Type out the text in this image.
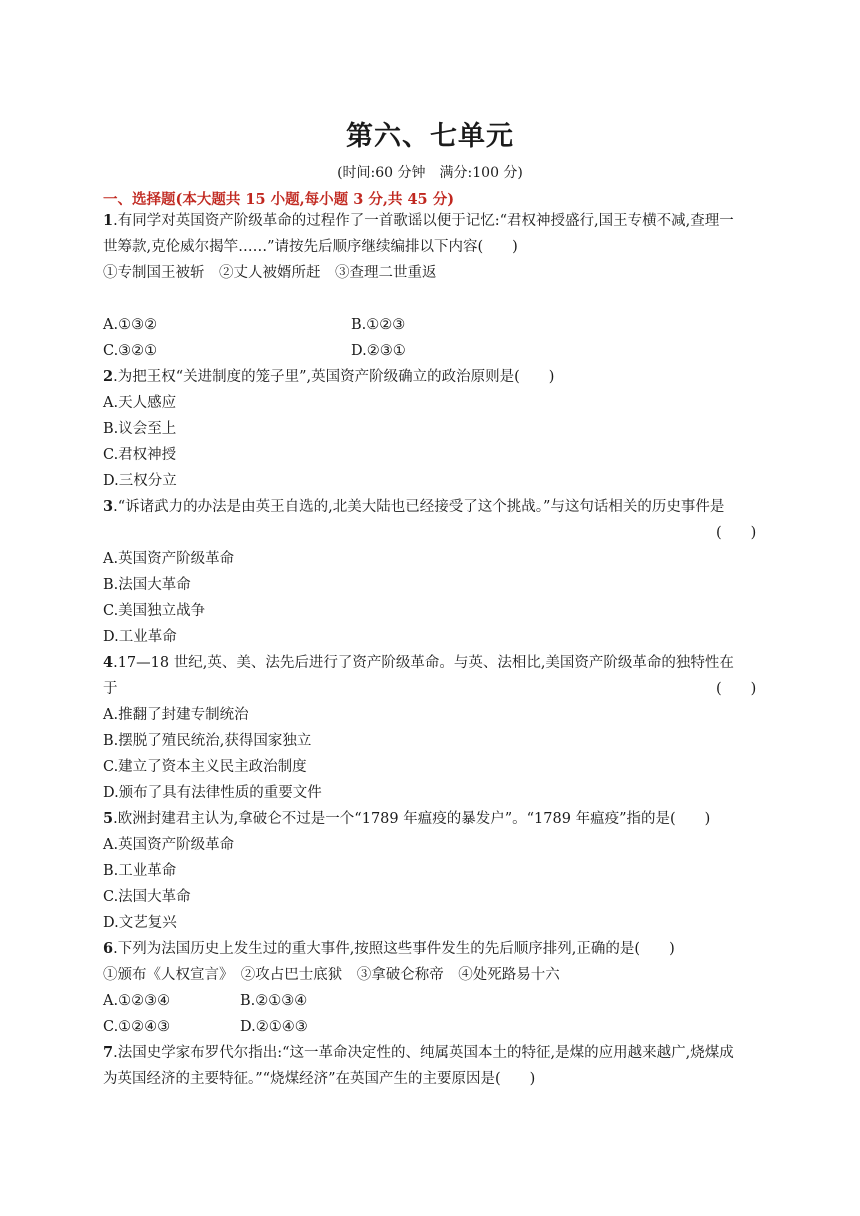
第六、七单元
(时间:60 分钟　满分:100 分)
一、选择题(本大题共 15 小题,每小题 3 分,共 45 分)
1.有同学对英国资产阶级革命的过程作了一首歌谣以便于记忆:“君权神授盛行,国王专横不减,查理一
世筹款,克伦威尔揭竿……”请按先后顺序继续编排以下内容(　　)
①专制国王被斩　②丈人被婿所赶　③查理二世重返
A.①③②	B.①②③
C.③②①	D.②③①
2.为把王权“关进制度的笼子里”,英国资产阶级确立的政治原则是(　　)
A.天人感应
B.议会至上
C.君权神授
D.三权分立
3.“诉诸武力的办法是由英王自选的,北美大陆也已经接受了这个挑战。”与这句话相关的历史事件是
(　　)
A.英国资产阶级革命
B.法国大革命
C.美国独立战争
D.工业革命
4.17—18 世纪,英、美、法先后进行了资产阶级革命。与英、法相比,美国资产阶级革命的独特性在
于	(　　)
A.推翻了封建专制统治
B.摆脱了殖民统治,获得国家独立
C.建立了资本主义民主政治制度
D.颁布了具有法律性质的重要文件
5.欧洲封建君主认为,拿破仑不过是一个“1789 年瘟疫的暴发户”。“1789 年瘟疫”指的是(　　)
A.英国资产阶级革命
B.工业革命
C.法国大革命
D.文艺复兴
6.下列为法国历史上发生过的重大事件,按照这些事件发生的先后顺序排列,正确的是(　　)
①颁布《人权宣言》　②攻占巴士底狱　③拿破仑称帝　④处死路易十六
A.①②③④	B.②①③④
C.①②④③	D.②①④③
7.法国史学家布罗代尔指出:“这一革命决定性的、纯属英国本土的特征,是煤的应用越来越广,烧煤成
为英国经济的主要特征。”“烧煤经济”在英国产生的主要原因是(　　)
